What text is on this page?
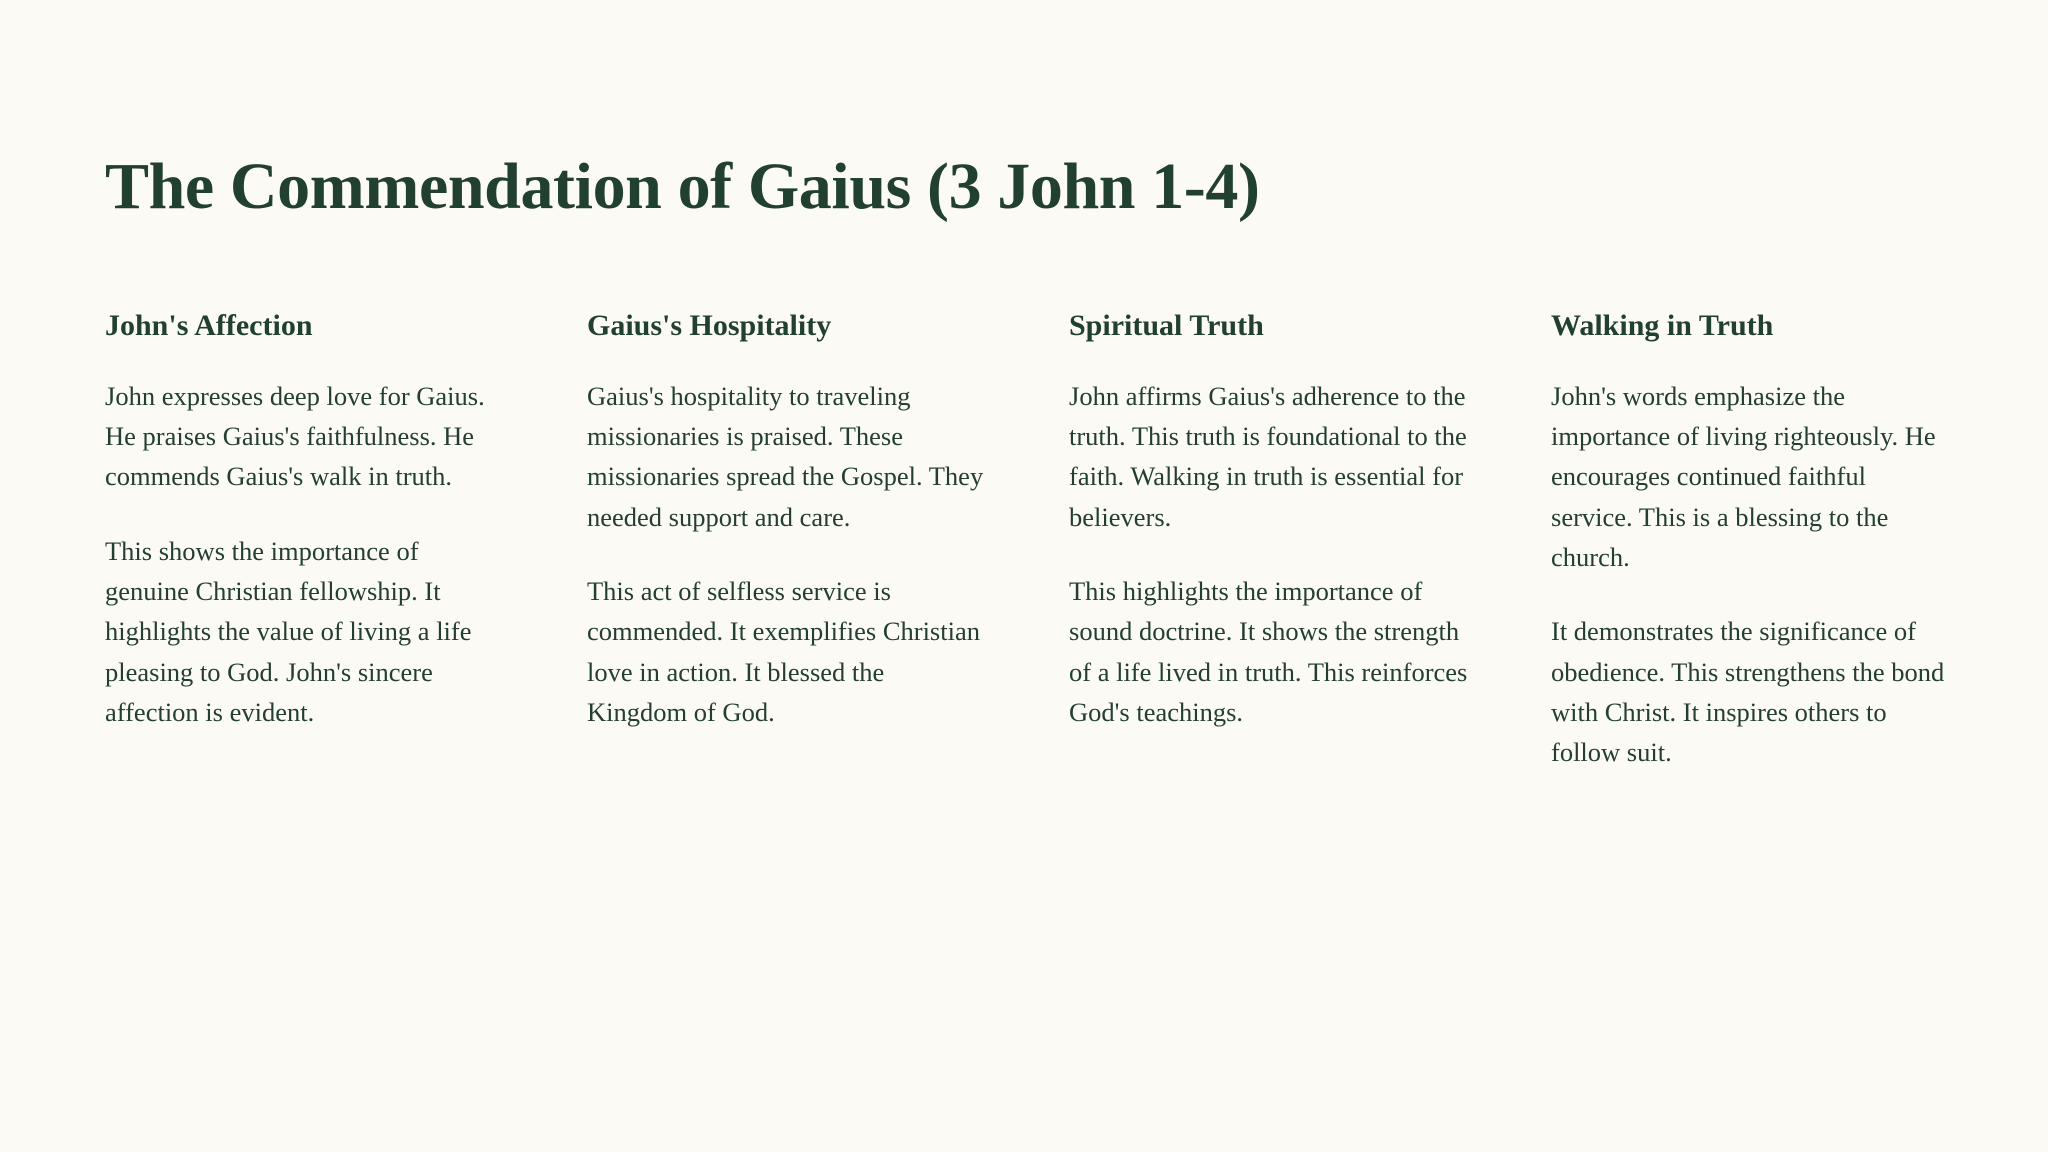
The Commendation of Gaius (3 John 1-4)
John's Affection

John expresses deep love for Gaius. He praises Gaius's faithfulness. He commends Gaius's walk in truth.

This shows the importance of genuine Christian fellowship. It highlights the value of living a life pleasing to God. John's sincere affection is evident.

Gaius's Hospitality

Gaius's hospitality to traveling missionaries is praised. These missionaries spread the Gospel. They needed support and care.

This act of selfless service is commended. It exemplifies Christian love in action. It blessed the Kingdom of God.

Spiritual Truth

John affirms Gaius's adherence to the truth. This truth is foundational to the faith. Walking in truth is essential for believers.

This highlights the importance of sound doctrine. It shows the strength of a life lived in truth. This reinforces God's teachings.

Walking in Truth

John's words emphasize the importance of living righteously. He encourages continued faithful service. This is a blessing to the church.

It demonstrates the significance of obedience. This strengthens the bond with Christ. It inspires others to follow suit.
